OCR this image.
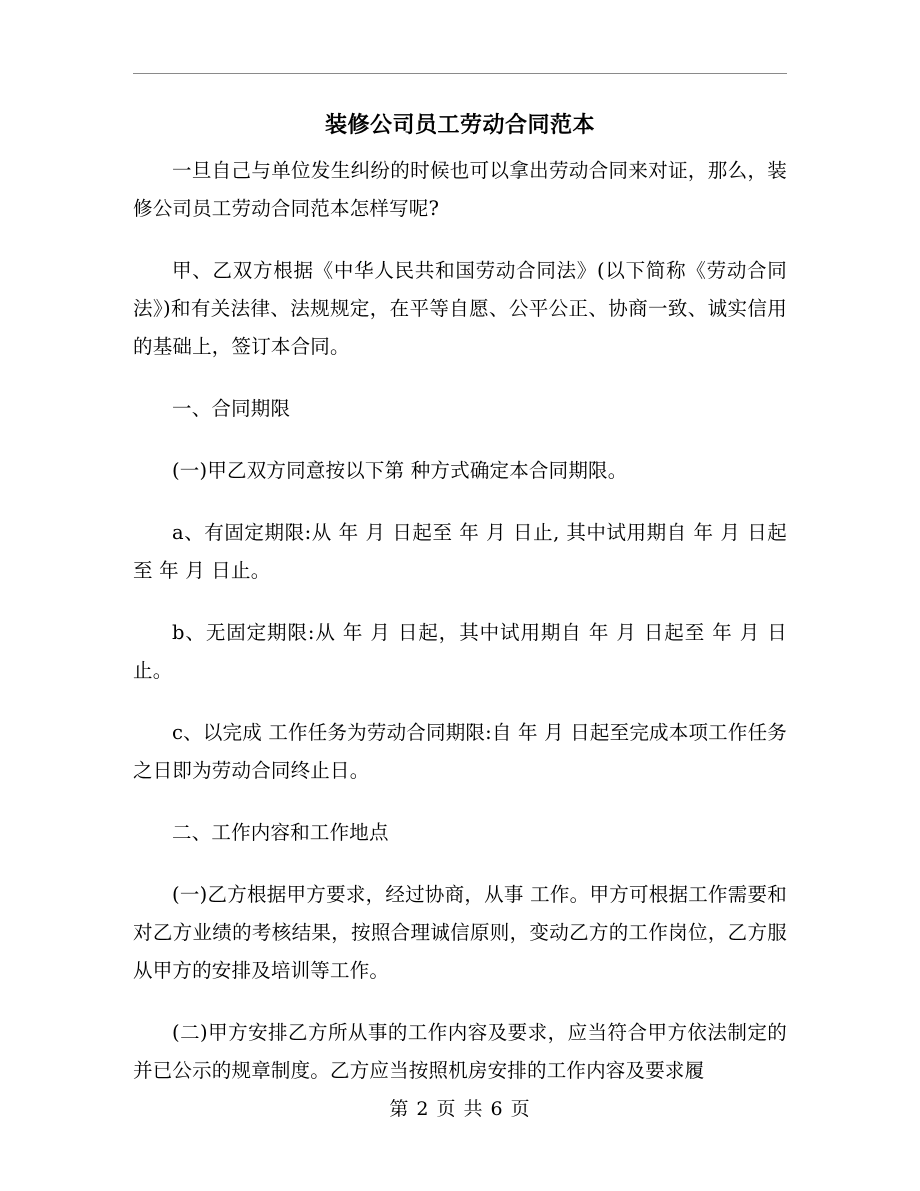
装修公司员工劳动合同范本

一旦自己与单位发生纠纷的时候也可以拿出劳动合同来对证，那么，装修公司员工劳动合同范本怎样写呢?

甲、乙双方根据《中华人民共和国劳动合同法》(以下简称《劳动合同法》)和有关法律、法规规定，在平等自愿、公平公正、协商一致、诚实信用的基础上，签订本合同。

一、合同期限

(一)甲乙双方同意按以下第 种方式确定本合同期限。

a、有固定期限:从 年 月 日起至 年 月 日止, 其中试用期自 年 月 日起至 年 月 日止。

b、无固定期限:从 年 月 日起，其中试用期自 年 月 日起至 年 月 日止。

c、以完成 工作任务为劳动合同期限:自 年 月 日起至完成本项工作任务之日即为劳动合同终止日。

二、工作内容和工作地点

(一)乙方根据甲方要求，经过协商，从事 工作。甲方可根据工作需要和对乙方业绩的考核结果，按照合理诚信原则，变动乙方的工作岗位，乙方服从甲方的安排及培训等工作。

(二)甲方安排乙方所从事的工作内容及要求，应当符合甲方依法制定的并已公示的规章制度。乙方应当按照机房安排的工作内容及要求履

第 2 页 共 6 页
